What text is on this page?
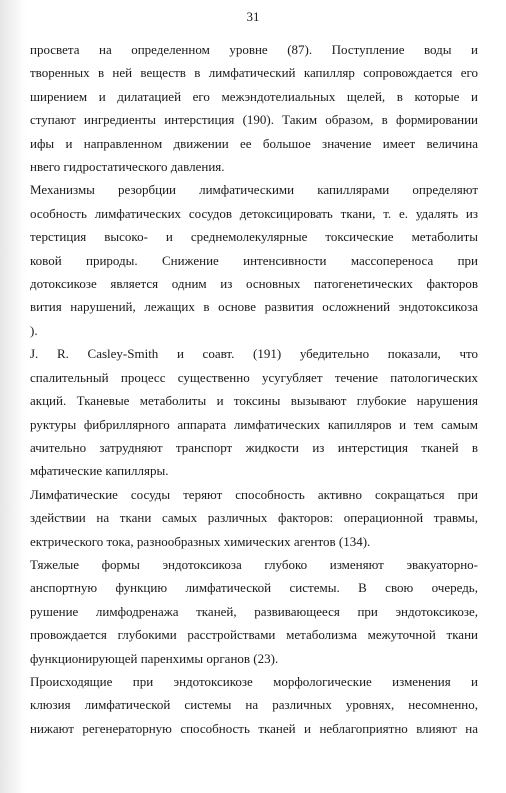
31
просвета на определенном уровне (87). Поступление воды и
творенных в ней веществ в лимфатический капилляр сопровождается его
ширением и дилатацией его межэндотелиальных щелей, в которые и
ступают ингредиенты интерстиция (190). Таким образом, в формировании
ифы и направленном движении ее большое значение имеет величина
нвего гидростатического давления.
Механизмы резорбции лимфатическими капиллярами определяют
особность лимфатических сосудов детоксицировать ткани, т. е. удалять из
терстиция высоко- и среднемолекулярные токсические метаболиты
ковой природы. Снижение интенсивности массопереноса при
дотоксикозе является одним из основных патогенетических факторов
вития нарушений, лежащих в основе развития осложнений эндотоксикоза
).
J. R. Casley-Smith и соавт. (191) убедительно показали, что
спалительный процесс существенно усугубляет течение патологических
акций. Тканевые метаболиты и токсины вызывают глубокие нарушения
руктуры фибриллярного аппарата лимфатических капилляров и тем самым
ачительно затрудняют транспорт жидкости из интерстиция тканей в
мфатические капилляры.
Лимфатические сосуды теряют способность активно сокращаться при
здействии на ткани самых различных факторов: операционной травмы,
ектрического тока, разнообразных химических агентов (134).
Тяжелые формы эндотоксикоза глубоко изменяют эвакуаторно-
анспортную функцию лимфатической системы. В свою очередь,
рушение лимфодренажа тканей, развивающееся при эндотоксикозе,
провождается глубокими расстройствами метаболизма межуточной ткани
функционирующей паренхимы органов (23).
Происходящие при эндотоксикозе морфологические изменения и
клюзия лимфатической системы на различных уровнях, несомненно,
нижают регенераторную способность тканей и неблагоприятно влияют на
